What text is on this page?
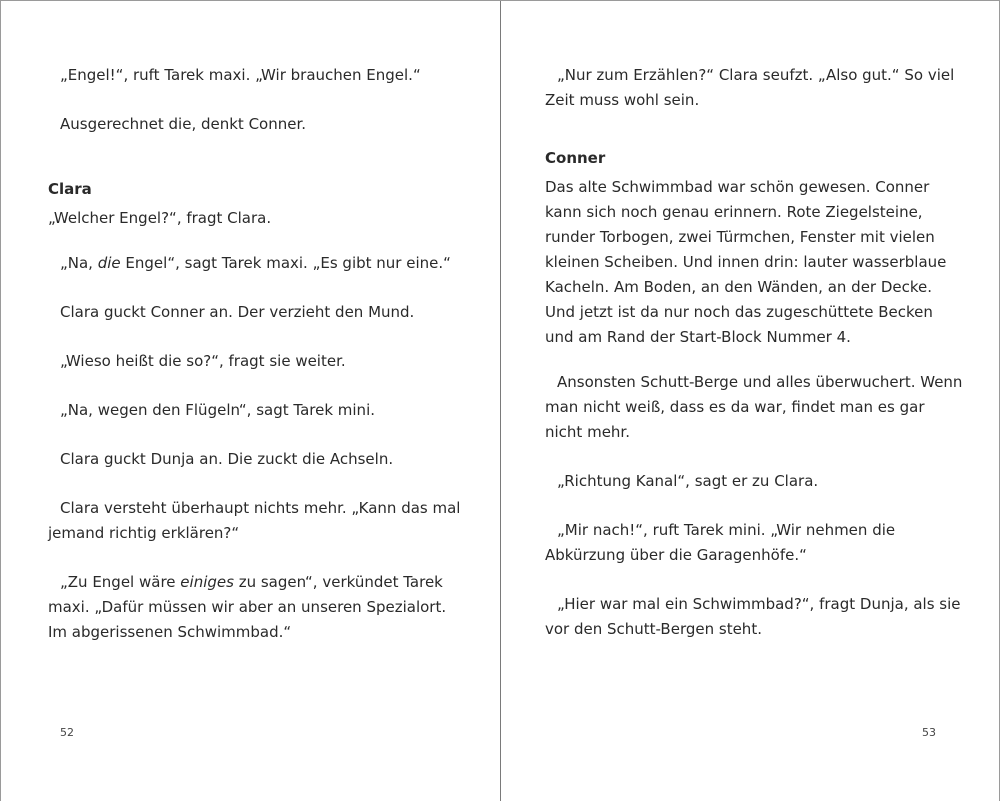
„Engel!“, ruft Tarek maxi. „Wir brauchen Engel.“

Ausgerechnet die, denkt Conner.

Clara

„Welcher Engel?“, fragt Clara.

„Na, die Engel“, sagt Tarek maxi. „Es gibt nur eine.“

Clara guckt Conner an. Der verzieht den Mund.

„Wieso heißt die so?“, fragt sie weiter.

„Na, wegen den Flügeln“, sagt Tarek mini.

Clara guckt Dunja an. Die zuckt die Achseln.

Clara versteht überhaupt nichts mehr. „Kann das mal jemand richtig erklären?“

„Zu Engel wäre einiges zu sagen“, verkündet Tarek maxi. „Dafür müssen wir aber an unseren Spezialort. Im abgerissenen Schwimmbad.“

52

„Nur zum Erzählen?“ Clara seufzt. „Also gut.“ So viel Zeit muss wohl sein.

Conner

Das alte Schwimmbad war schön gewesen. Conner kann sich noch genau erinnern. Rote Ziegelsteine, runder Torbogen, zwei Türmchen, Fenster mit vielen kleinen Scheiben. Und innen drin: lauter wasserblaue Kacheln. Am Boden, an den Wänden, an der Decke. Und jetzt ist da nur noch das zugeschüttete Becken und am Rand der Start-Block Nummer 4.

Ansonsten Schutt-Berge und alles überwuchert. Wenn man nicht weiß, dass es da war, findet man es gar nicht mehr.

„Richtung Kanal“, sagt er zu Clara.

„Mir nach!“, ruft Tarek mini. „Wir nehmen die Abkürzung über die Garagenhöfe.“

„Hier war mal ein Schwimmbad?“, fragt Dunja, als sie vor den Schutt-Bergen steht.

53
